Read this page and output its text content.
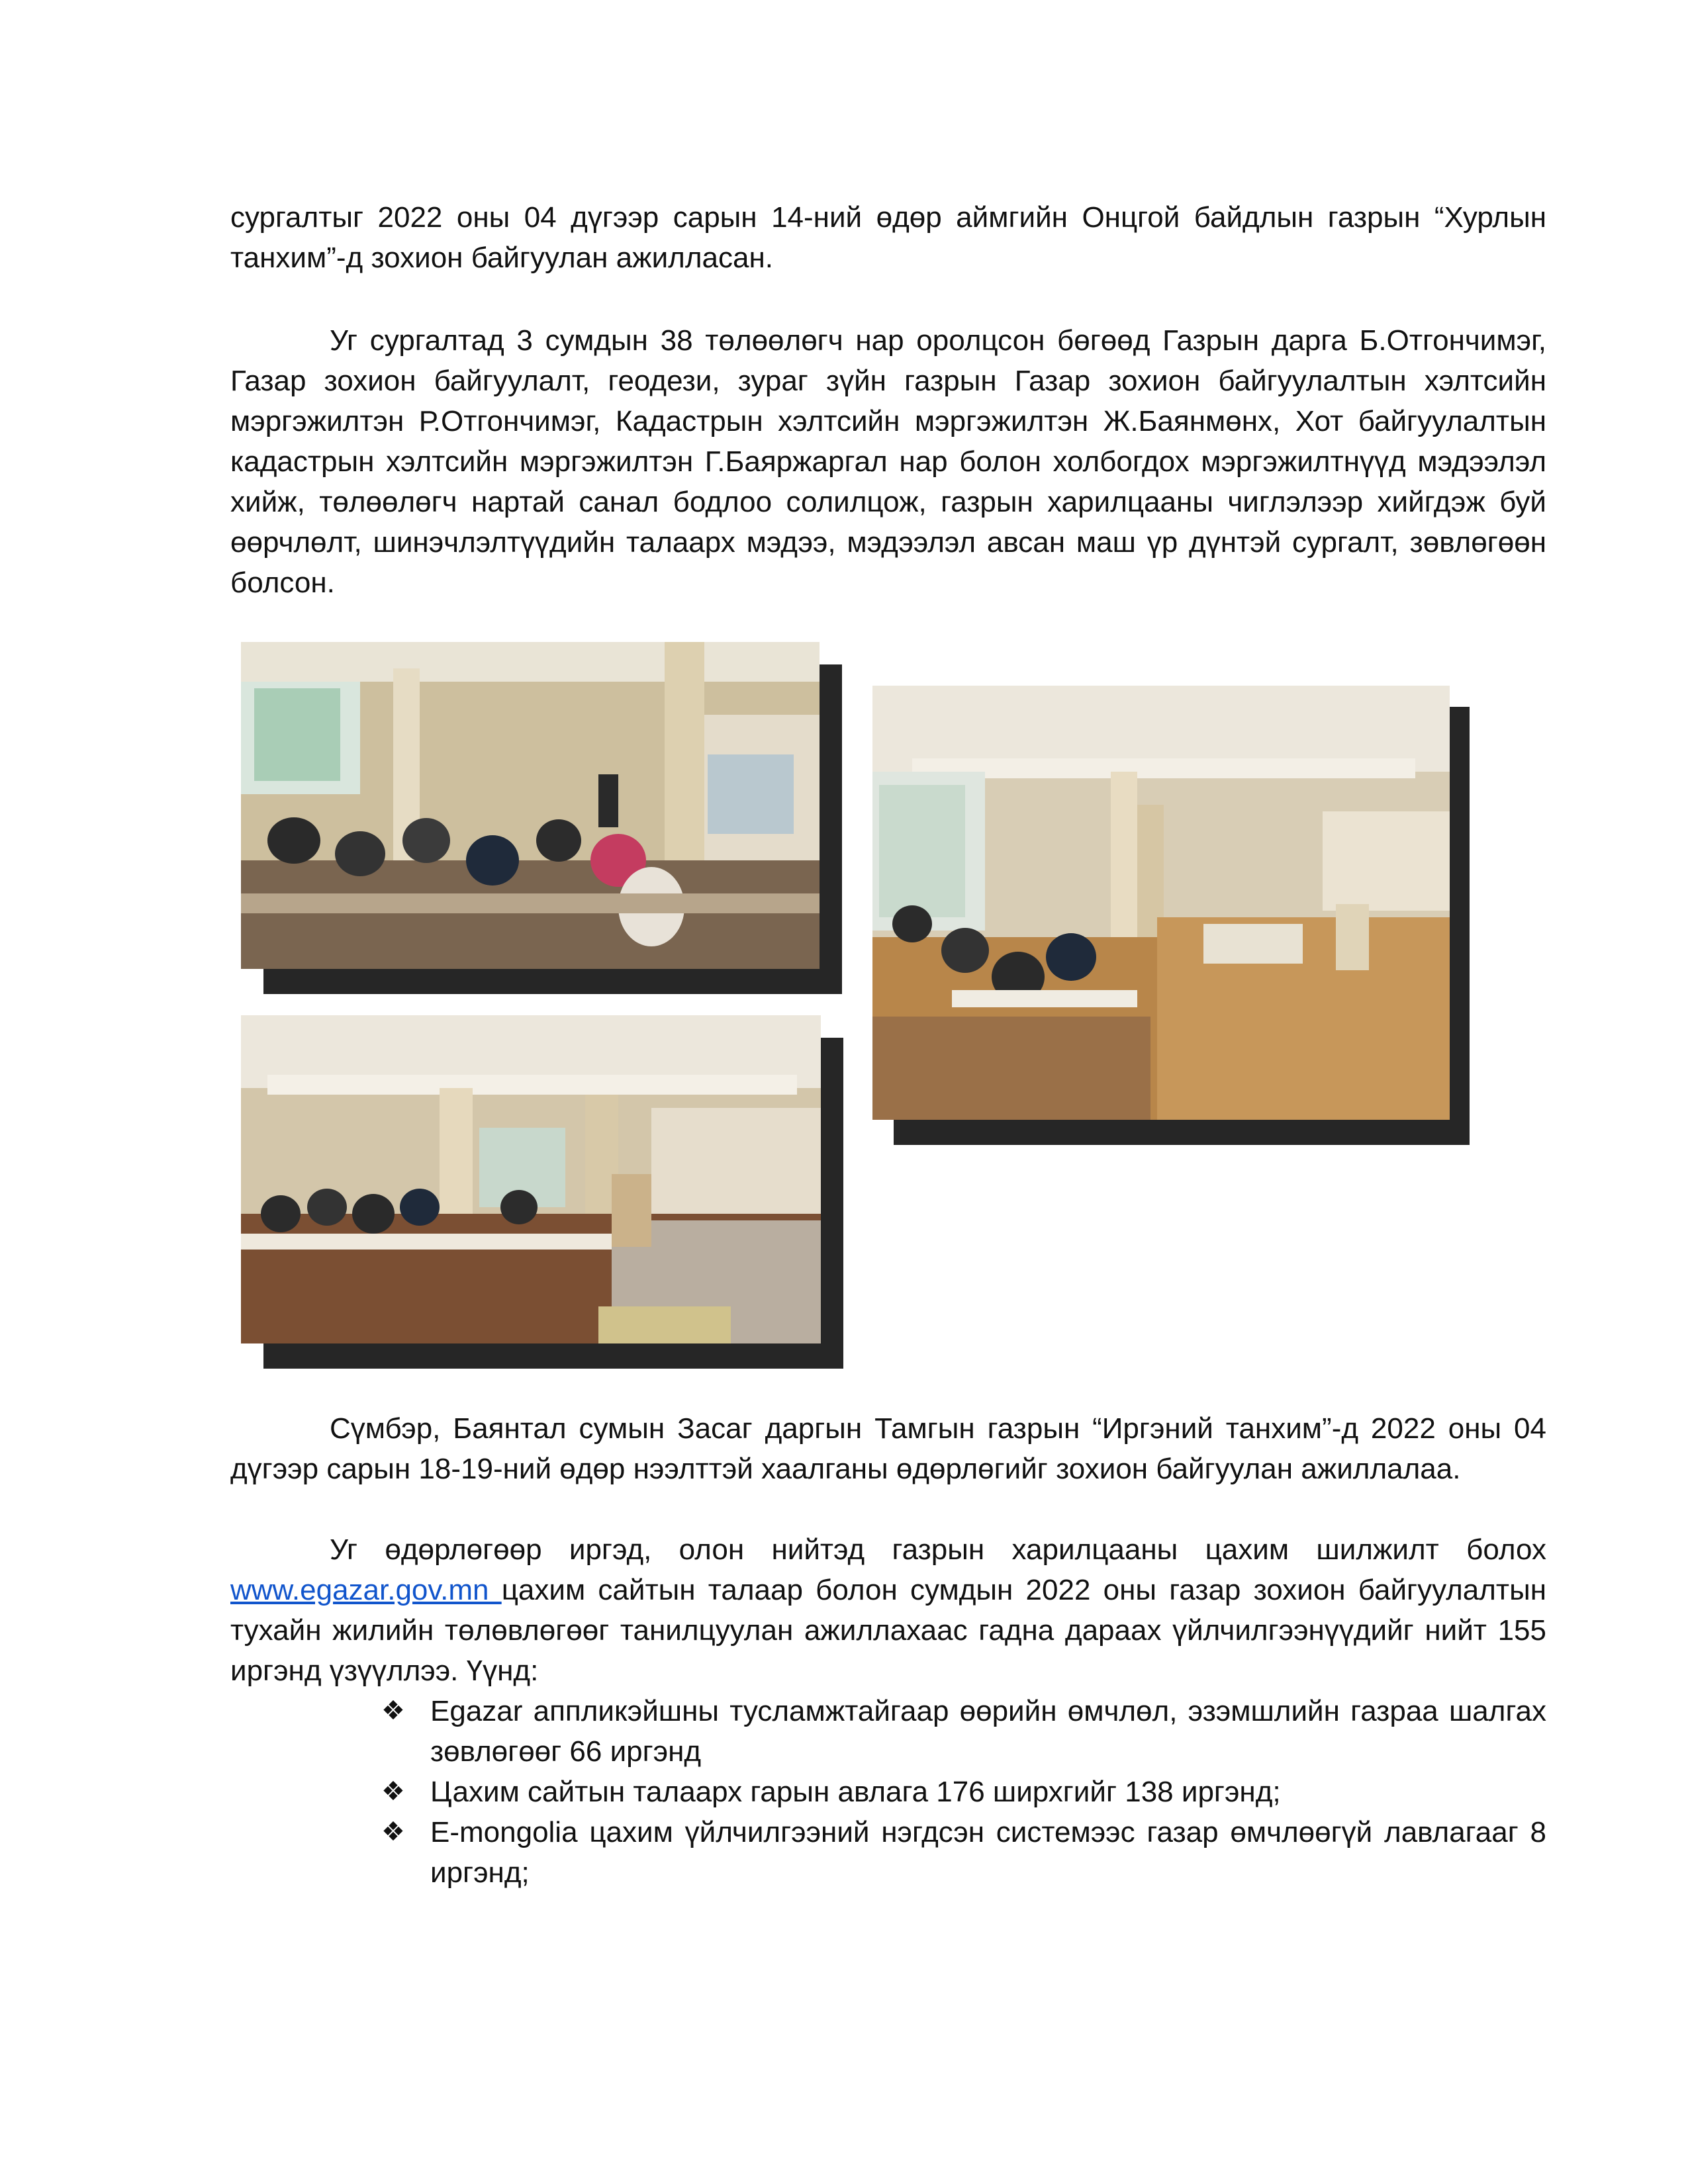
сургалтыг 2022 оны 04 дүгээр сарын 14-ний өдөр аймгийн Онцгой байдлын газрын “Хурлын танхим”-д зохион байгуулан ажилласан.

Уг сургалтад 3 сумдын 38 төлөөлөгч нар оролцсон бөгөөд Газрын дарга Б.Отгончимэг, Газар зохион байгуулалт, геодези, зураг зүйн газрын Газар зохион байгуулалтын хэлтсийн мэргэжилтэн Р.Отгончимэг, Кадастрын хэлтсийн мэргэжилтэн Ж.Баянмөнх, Хот байгуулалтын кадастрын хэлтсийн мэргэжилтэн Г.Баяржаргал нар болон холбогдох мэргэжилтнүүд мэдээлэл хийж, төлөөлөгч нартай санал бодлоо солилцож, газрын харилцааны чиглэлээр хийгдэж буй өөрчлөлт, шинэчлэлтүүдийн талаарх мэдээ, мэдээлэл авсан маш үр дүнтэй сургалт, зөвлөгөөн болсон.

Сүмбэр, Баянтал сумын Засаг даргын Тамгын газрын “Иргэний танхим”-д 2022 оны 04 дүгээр сарын 18-19-ний өдөр нээлттэй хаалганы өдөрлөгийг зохион байгуулан ажиллалаа.

Уг өдөрлөгөөр иргэд, олон нийтэд газрын харилцааны цахим шилжилт болох www.egazar.gov.mn цахим сайтын талаар болон сумдын 2022 оны газар зохион байгуулалтын тухайн жилийн төлөвлөгөөг танилцуулан ажиллахаас гадна дараах үйлчилгээнүүдийг нийт 155 иргэнд үзүүллээ. Үүнд:

❖ Egazar аппликэйшны тусламжтайгаар өөрийн өмчлөл, эзэмшлийн газраа шалгах зөвлөгөөг 66 иргэнд
❖ Цахим сайтын талаарх гарын авлага 176 ширхгийг 138 иргэнд;
❖ E-mongolia цахим үйлчилгээний нэгдсэн системээс газар өмчлөөгүй лавлагааг 8 иргэнд;
